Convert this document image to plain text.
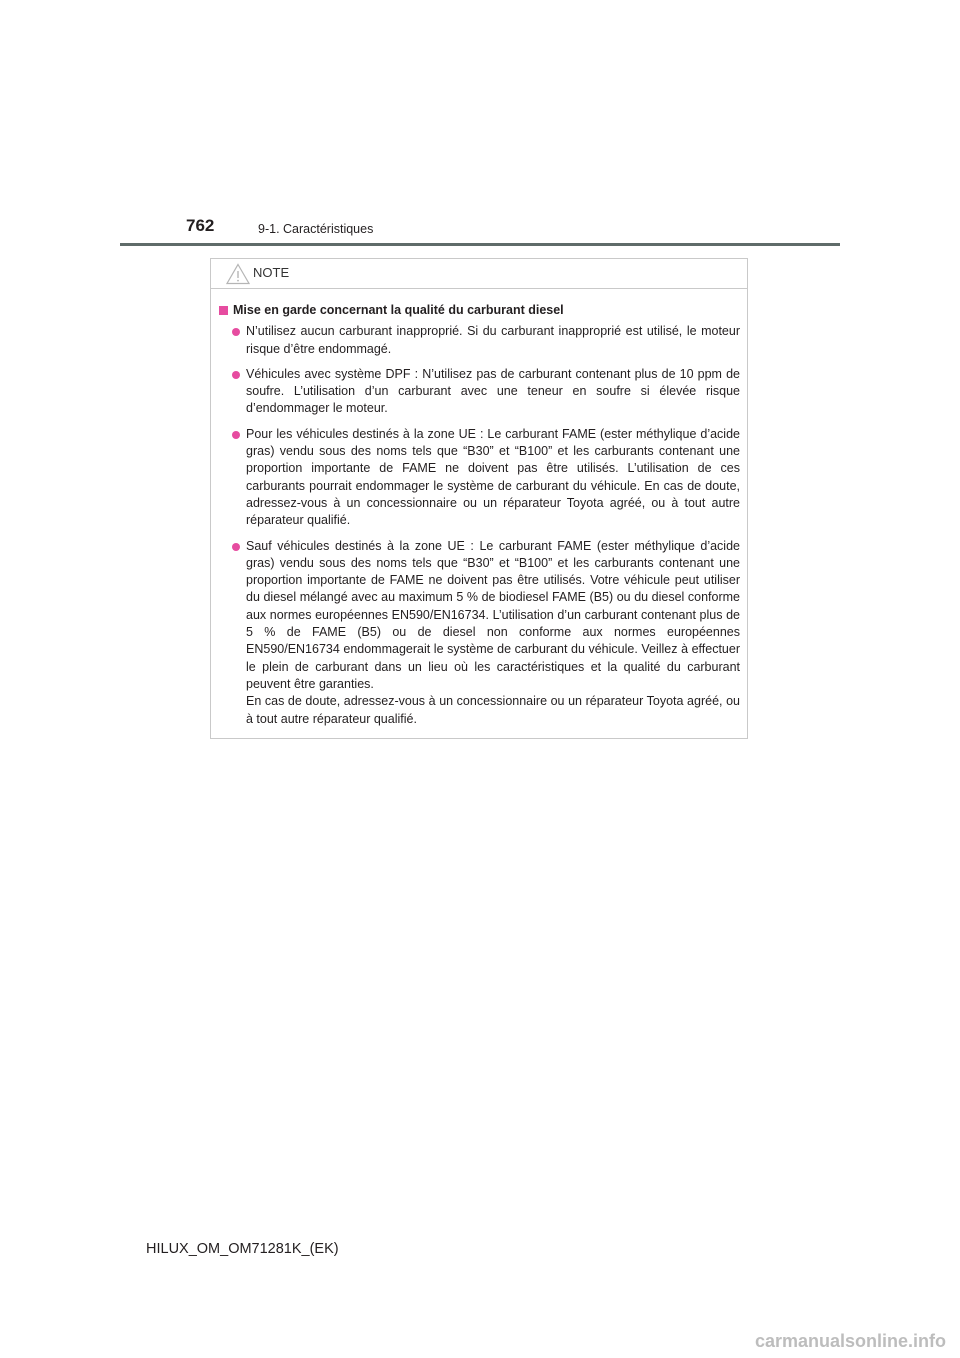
762	9-1. Caractéristiques
NOTE
Mise en garde concernant la qualité du carburant diesel

N’utilisez aucun carburant inapproprié. Si du carburant inapproprié est utilisé, le moteur risque d’être endommagé.

Véhicules avec système DPF : N’utilisez pas de carburant contenant plus de 10 ppm de soufre. L’utilisation d’un carburant avec une teneur en soufre si élevée risque d’endommager le moteur.

Pour les véhicules destinés à la zone UE : Le carburant FAME (ester méthylique d’acide gras) vendu sous des noms tels que “B30” et “B100” et les carburants contenant une proportion importante de FAME ne doivent pas être utilisés. L’utilisation de ces carburants pourrait endommager le système de carburant du véhicule. En cas de doute, adressez-vous à un concessionnaire ou un réparateur Toyota agréé, ou à tout autre réparateur qualifié.

Sauf véhicules destinés à la zone UE : Le carburant FAME (ester méthylique d’acide gras) vendu sous des noms tels que “B30” et “B100” et les carburants contenant une proportion importante de FAME ne doivent pas être utilisés. Votre véhicule peut utiliser du diesel mélangé avec au maximum 5 % de biodiesel FAME (B5) ou du diesel conforme aux normes européennes EN590/EN16734. L’utilisation d’un carburant contenant plus de 5 % de FAME (B5) ou de diesel non conforme aux normes européennes EN590/EN16734 endommagerait le système de carburant du véhicule. Veillez à effectuer le plein de carburant dans un lieu où les caractéristiques et la qualité du carburant peuvent être garanties.

En cas de doute, adressez-vous à un concessionnaire ou un réparateur Toyota agréé, ou à tout autre réparateur qualifié.

HILUX_OM_OM71281K_(EK)
carmanualsonline.info
